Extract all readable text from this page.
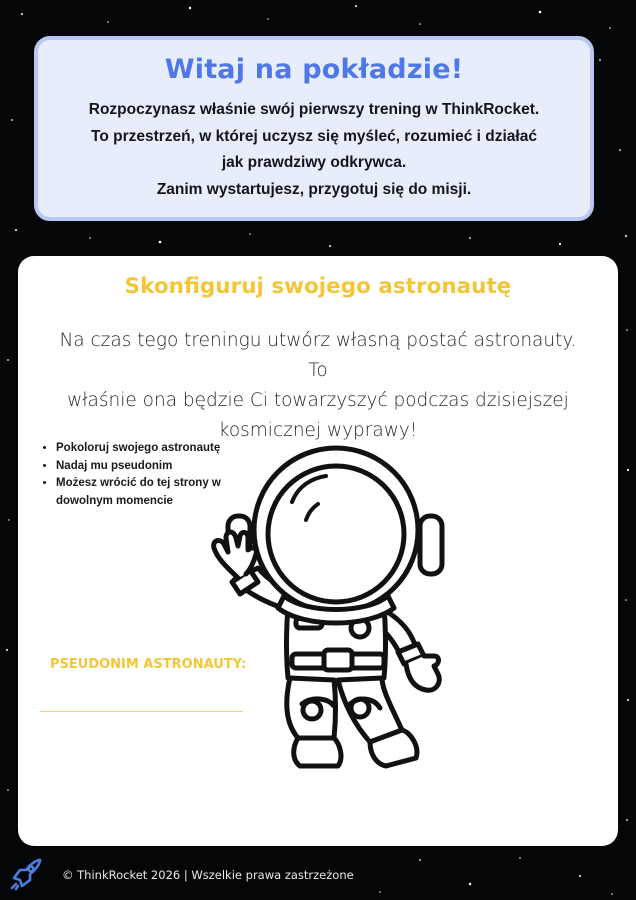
Witaj na pokładzie!

Rozpoczynasz właśnie swój pierwszy trening w ThinkRocket.
To przestrzeń, w której uczysz się myśleć, rozumieć i działać
jak prawdziwy odkrywca.
Zanim wystartujesz, przygotuj się do misji.

Skonfiguruj swojego astronautę

Na czas tego treningu utwórz własną postać astronauty. To
właśnie ona będzie Ci towarzyszyć podczas dzisiejszej
kosmicznej wyprawy!

• Pokoloruj swojego astronautę
• Nadaj mu pseudonim
• Możesz wrócić do tej strony w dowolnym momencie

PSEUDONIM ASTRONAUTY:

© ThinkRocket 2026 | Wszelkie prawa zastrzeżone
